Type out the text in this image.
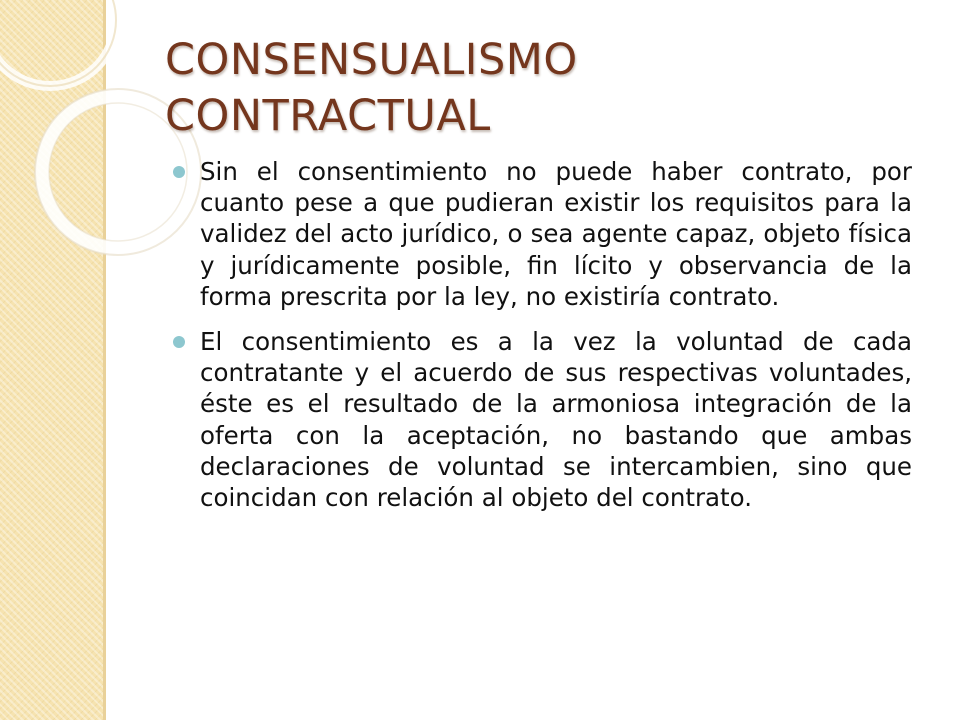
CONSENSUALISMO
CONTRACTUAL
Sin el consentimiento no puede haber contrato, por cuanto pese a que pudieran existir los requisitos para la validez del acto jurídico, o sea agente capaz, objeto física y jurídicamente posible, fin lícito y observancia de la forma prescrita por la ley, no existiría contrato.
El consentimiento es a la vez la voluntad de cada contratante y el acuerdo de sus respectivas voluntades, éste es el resultado de la armoniosa integración de la oferta con la aceptación, no bastando que ambas declaraciones de voluntad se intercambien, sino que coincidan con relación al objeto del contrato.
